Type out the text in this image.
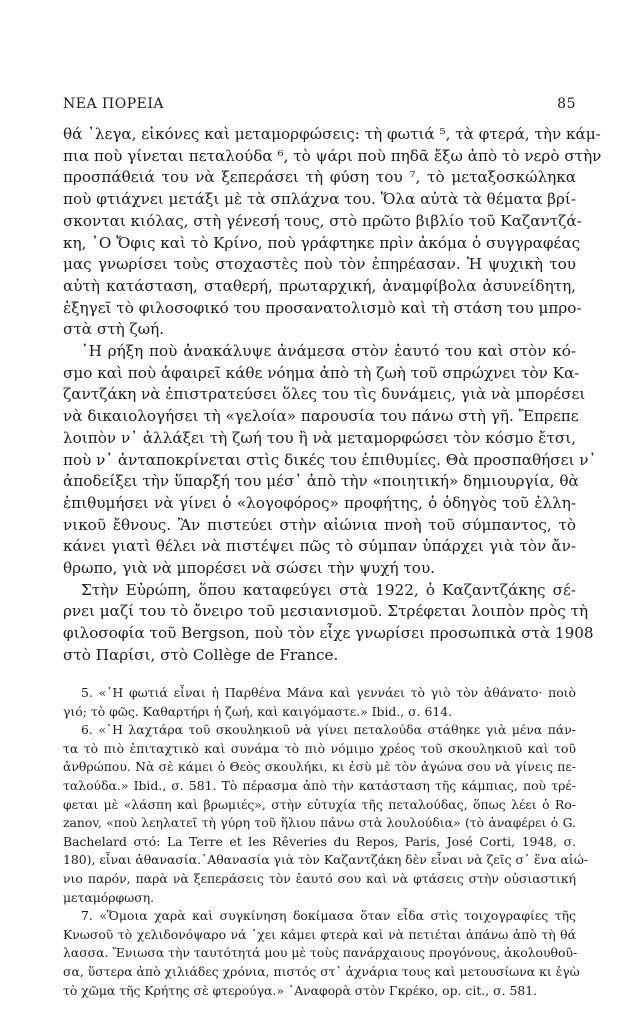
ΝΕΑ ΠΟΡΕΙΑ	85
θά ᾽λεγα, εἰκόνες καὶ μεταμορφώσεις: τὴ φωτιά ⁵, τὰ φτερά, τὴν κάμ-
πια ποὺ γίνεται πεταλούδα ⁶, τὸ ψάρι ποὺ πηδᾶ ἔξω ἀπὸ τὸ νερὸ στὴν
προσπάθειά του νὰ ξεπεράσει τὴ φύση του ⁷, τὸ μεταξοσκώληκα
ποὺ φτιάχνει μετάξι μὲ τὰ σπλάχνα του. Ὅλα αὐτὰ τὰ θέματα βρί-
σκονται κιόλας, στὴ γένεσή τους, στὸ πρῶτο βιβλίο τοῦ Καζαντζά-
κη, ῾Ο Ὄφις καὶ τὸ Κρίνο, ποὺ γράφτηκε πρὶν ἀκόμα ὁ συγγραφέας
μας γνωρίσει τοὺς στοχαστὲς ποὺ τὸν ἐπηρέασαν. Ἡ ψυχικὴ του
αὐτὴ κατάσταση, σταθερή, πρωταρχική, ἀναμφίβολα ἀσυνείδητη,
ἐξηγεῖ τὸ φιλοσοφικό του προσανατολισμὸ καὶ τὴ στάση του μπρο-
στὰ στὴ ζωή.
῾Η ρήξη ποὺ ἀνακάλυψε ἀνάμεσα στὸν ἑαυτό του καὶ στὸν κό-
σμο καὶ ποὺ ἀφαιρεῖ κάθε νόημα ἀπὸ τὴ ζωὴ τοῦ σπρώχνει τὸν Κα-
ζαντζάκη νὰ ἐπιστρατεύσει ὅλες του τὶς δυνάμεις, γιὰ νὰ μπορέσει
νὰ δικαιολογήσει τὴ «γελοία» παρουσία του πάνω στὴ γῆ. Ἔπρεπε
λοιπὸν ν᾽ ἀλλάξει τὴ ζωή του ἢ νὰ μεταμορφώσει τὸν κόσμο ἔτσι,
ποὺ ν᾽ ἀνταποκρίνεται στὶς δικές του ἐπιθυμίες. Θὰ προσπαθήσει ν᾽
ἀποδείξει τὴν ὕπαρξή του μέσ᾽ ἀπὸ τὴν «ποιητική» δημιουργία, θὰ
ἐπιθυμήσει νὰ γίνει ὁ «λογοφόρος» προφήτης, ὁ ὁδηγὸς τοῦ ἑλλη-
νικοῦ ἔθνους. Ἂν πιστεύει στὴν αἰώνια πνοὴ τοῦ σύμπαντος, τὸ
κάνει γιατὶ θέλει νὰ πιστέψει πῶς τὸ σύμπαν ὑπάρχει γιὰ τὸν ἄν-
θρωπο, γιὰ νὰ μπορέσει νὰ σώσει τὴν ψυχή του.
Στὴν Εὐρώπη, ὅπου καταφεύγει στὰ 1922, ὁ Καζαντζάκης σέ-
ρνει μαζί του τὸ ὄνειρο τοῦ μεσιανισμοῦ. Στρέφεται λοιπὸν πρὸς τὴ
φιλοσοφία τοῦ Bergson, ποὺ τὸν εἶχε γνωρίσει προσωπικὰ στὰ 1908
στὸ Παρίσι, στὸ Collège de France.
5. «῾Η φωτιά εἶναι ἡ Παρθένα Μάνα καὶ γεννάει τὸ γιὸ τὸν ἀθάνατο· ποιὸ
γιό; τὸ φῶς. Καθαρτήρι ἡ ζωή, καὶ καιγόμαστε.» Ibid., σ. 614.
6. «῾Η λαχτάρα τοῦ σκουληκιοῦ νὰ γίνει πεταλούδα στάθηκε γιὰ μένα πάν-
τα τὸ πιὸ ἐπιταχτικὸ καὶ συνάμα τὸ πιὸ νόμιμο χρέος τοῦ σκουληκιοῦ καὶ τοῦ
ἀνθρώπου. Νὰ σὲ κάμει ὁ Θεὸς σκουλήκι, κι ἐσὺ μὲ τὸν ἀγώνα σου νὰ γίνεις πε-
ταλούδα.» Ibid., σ. 581. Τὸ πέρασμα ἀπὸ τὴν κατάσταση τῆς κάμπιας, ποὺ τρέ-
φεται μὲ «λάσπη καὶ βρωμιές», στὴν εὐτυχία τῆς πεταλούδας, ὅπως λέει ὁ Ro-
zanov, «ποὺ λεηλατεῖ τὴ γύρη τοῦ ἥλιου πάνω στὰ λουλούδια» (τὸ ἀναφέρει ὁ G.
Bachelard στό: La Terre et les Rêveries du Repos, Paris, José Corti, 1948, σ.
180), εἶναι ἀθανασία.᾽Αθανασία γιὰ τὸν Καζαντζάκη δὲν εἶναι νὰ ζεῖς σ᾽ ἕνα αἰώ-
νιο παρόν, παρὰ νὰ ξεπεράσεις τὸν ἑαυτό σου καὶ νὰ φτάσεις στὴν οὐσιαστική
μεταμόρφωση.
7. «Ὅμοια χαρὰ καὶ συγκίνηση δοκίμασα ὅταν εἶδα στὶς τοιχογραφίες τῆς
Κνωσοῦ τὸ χελιδονόψαρο νά ᾽χει κάμει φτερὰ καὶ νὰ πετιέται ἀπάνω ἀπὸ τὴ θά
λασσα. Ἔνιωσα τὴν ταυτότητά μου μὲ τοὺς πανάρχαιους προγόνους, ἀκολουθοῦ-
σα, ὕστερα ἀπὸ χιλιάδες χρόνια, πιστός στ᾽ ἀχνάρια τους καὶ μετουσίωνα κι ἐγὼ
τὸ χῶμα τῆς Κρήτης σὲ φτερούγα.» ᾽Αναφορὰ στὸν Γκρέκο, op. cit., σ. 581.
